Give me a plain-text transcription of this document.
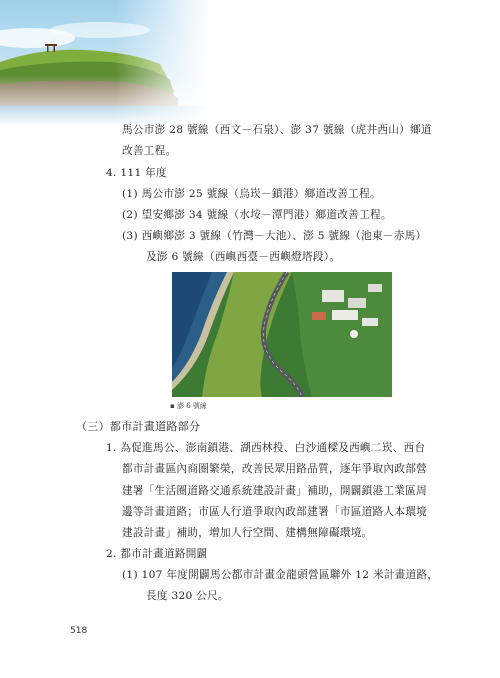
馬公市澎 28 號線（西文－石泉）、澎 37 號線（虎井西山）鄉道
改善工程。
4. 111 年度
(1) 馬公市澎 25 號線（烏崁－鎖港）鄉道改善工程。
(2) 望安鄉澎 34 號線（水垵－潭門港）鄉道改善工程。
(3) 西嶼鄉澎 3 號線（竹灣－大池）、澎 5 號線（池東－赤馬）
及澎 6 號線（西嶼西臺－西嶼燈塔段）。
▪ 澎 6 號線
（三）都市計畫道路部分
1. 為促進馬公、澎南鎖港、湖西林投、白沙通樑及西嶼二崁、西台
都市計畫區內商圈繁榮，改善民眾用路品質，逐年爭取內政部營
建署「生活圈道路交通系統建設計畫」補助，開闢鎖港工業區周
邊等計畫道路；市區人行道爭取內政部建署「市區道路人本環境
建設計畫」補助，增加人行空間、建構無障礙環境。
2. 都市計畫道路開闢
(1) 107 年度開闢馬公都市計畫金龍頭營區聯外 12 米計畫道路，
長度 320 公尺。
518
